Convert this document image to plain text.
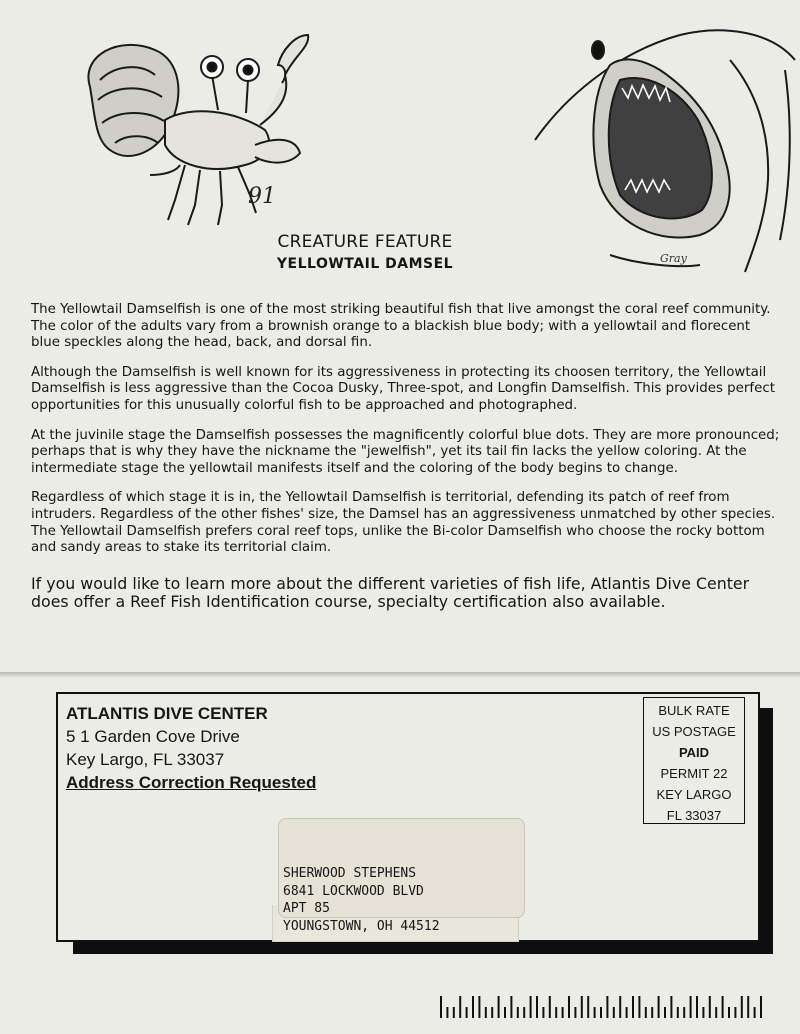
91
Gray
CREATURE FEATURE
YELLOWTAIL DAMSEL

The Yellowtail Damselfish is one of the most striking beautiful fish that live amongst the coral reef community. The color of the adults vary from a brownish orange to a blackish blue body; with a yellowtail and florecent blue speckles along the head, back, and dorsal fin.

Although the Damselfish is well known for its aggressiveness in protecting its choosen territory, the Yellowtail Damselfish is less aggressive than the Cocoa Dusky, Three-spot, and Longfin Damselfish. This provides perfect opportunities for this unusually colorful fish to be approached and photographed.

At the juvinile stage the Damselfish possesses the magnificently colorful blue dots. They are more pronounced; perhaps that is why they have the nickname the "jewelfish", yet its tail fin lacks the yellow coloring. At the intermediate stage the yellowtail manifests itself and the coloring of the body begins to change.

Regardless of which stage it is in, the Yellowtail Damselfish is territorial, defending its patch of reef from intruders. Regardless of the other fishes' size, the Damsel has an aggressiveness unmatched by other species. The Yellowtail Damselfish prefers coral reef tops, unlike the Bi-color Damselfish who choose the rocky bottom and sandy areas to stake its territorial claim.

If you would like to learn more about the different varieties of fish life, Atlantis Dive Center does offer a Reef Fish Identification course, specialty certification also available.

ATLANTIS DIVE CENTER
5 1 Garden Cove Drive
Key Largo, FL 33037
Address Correction Requested
BULK RATE
US POSTAGE
PAID
PERMIT 22
KEY LARGO
FL 33037
SHERWOOD STEPHENS
6841 LOCKWOOD BLVD
APT 85
YOUNGSTOWN, OH 44512
